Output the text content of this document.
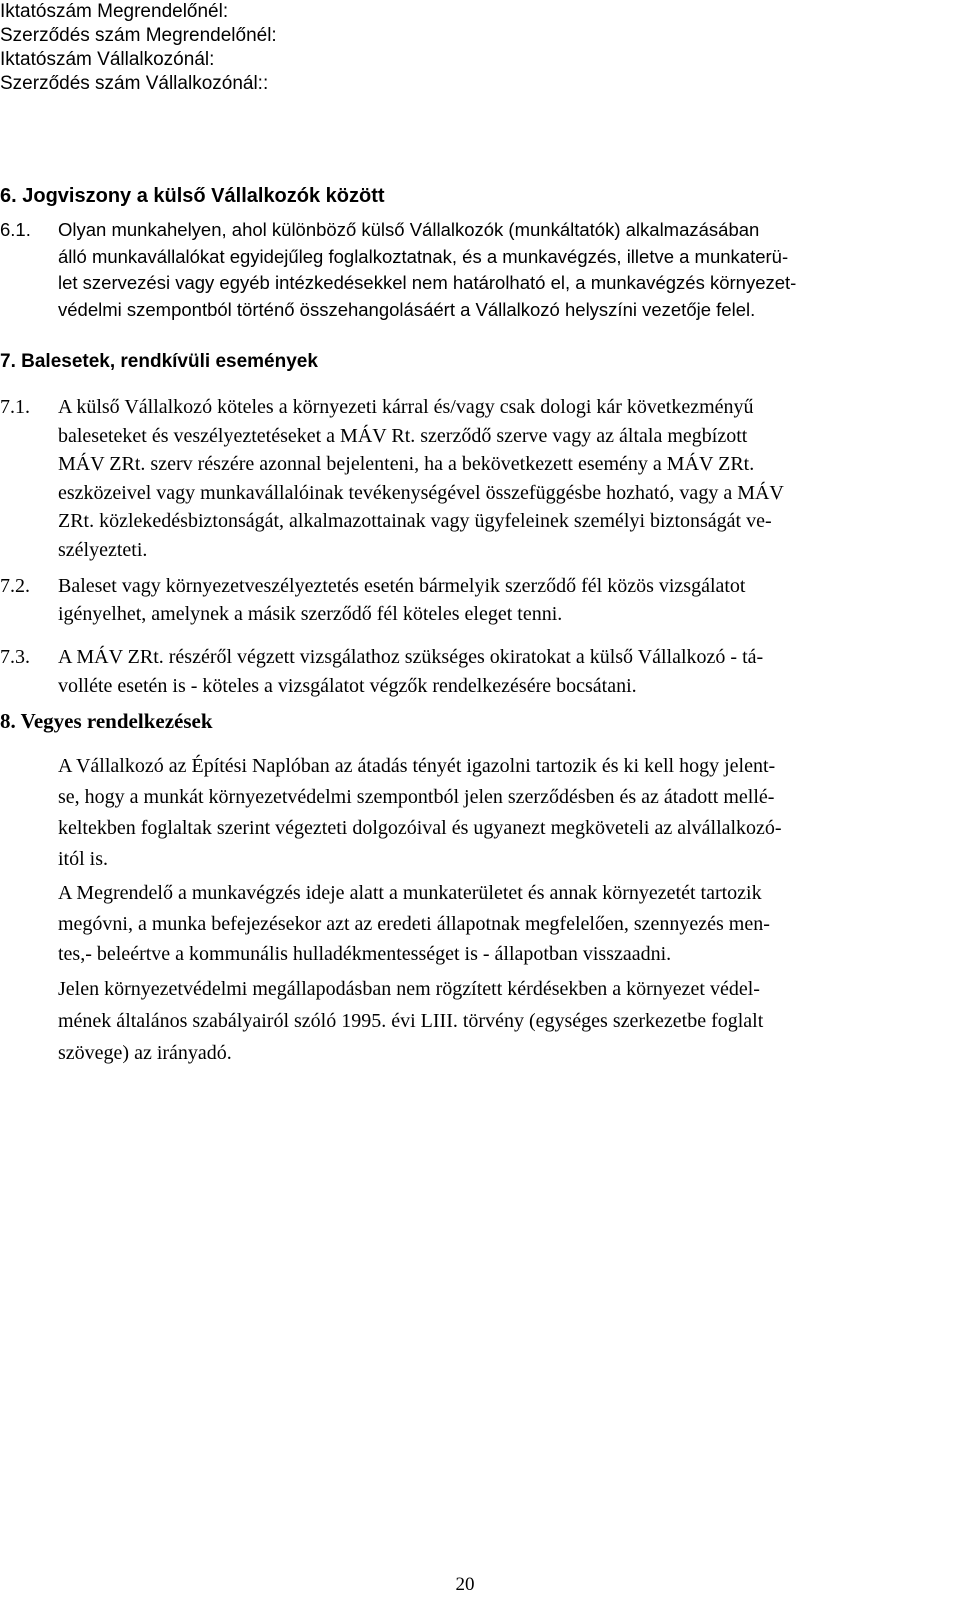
Iktatószám Megrendelőnél:
Szerződés szám Megrendelőnél:
Iktatószám Vállalkozónál:
Szerződés szám Vállalkozónál::
6. Jogviszony a külső Vállalkozók között
6.1.	Olyan munkahelyen, ahol különböző külső Vállalkozók (munkáltatók) alkalmazásában
álló munkavállalókat egyidejűleg foglalkoztatnak, és a munkavégzés, illetve a munkaterü-
let szervezési vagy egyéb intézkedésekkel nem határolható el, a munkavégzés környezet-
védelmi szempontból történő összehangolásáért a Vállalkozó helyszíni vezetője felel.
7. Balesetek, rendkívüli események
7.1.	A külső Vállalkozó köteles a környezeti kárral és/vagy csak dologi kár következményű
baleseteket és veszélyeztetéseket a MÁV Rt. szerződő szerve vagy az általa megbízott
MÁV ZRt. szerv részére azonnal bejelenteni, ha a bekövetkezett esemény a MÁV ZRt.
eszközeivel vagy munkavállalóinak tevékenységével összefüggésbe hozható, vagy a MÁV
ZRt. közlekedésbiztonságát, alkalmazottainak vagy ügyfeleinek személyi biztonságát ve-
szélyezteti.
7.2.	Baleset vagy környezetveszélyeztetés esetén bármelyik szerződő fél közös vizsgálatot
igényelhet, amelynek a másik szerződő fél köteles eleget tenni.
7.3.	A MÁV ZRt. részéről végzett vizsgálathoz szükséges okiratokat a külső Vállalkozó - tá-
volléte esetén is - köteles a vizsgálatot végzők rendelkezésére bocsátani.
8. Vegyes rendelkezések
A Vállalkozó az Építési Naplóban az átadás tényét igazolni tartozik és ki kell hogy jelent-
se, hogy a munkát környezetvédelmi szempontból jelen szerződésben és az átadott mellé-
keltekben foglaltak szerint végezteti dolgozóival és ugyanezt megköveteli az alvállalkozó-
itól is.
A Megrendelő a munkavégzés ideje alatt a munkaterületet és annak környezetét tartozik
megóvni, a munka befejezésekor azt az eredeti állapotnak megfelelően, szennyezés men-
tes,- beleértve a kommunális hulladékmentességet is - állapotban visszaadni.
Jelen környezetvédelmi megállapodásban nem rögzített kérdésekben a környezet védel-
mének általános szabályairól szóló 1995. évi LIII. törvény (egységes szerkezetbe foglalt
szövege) az irányadó.
20
